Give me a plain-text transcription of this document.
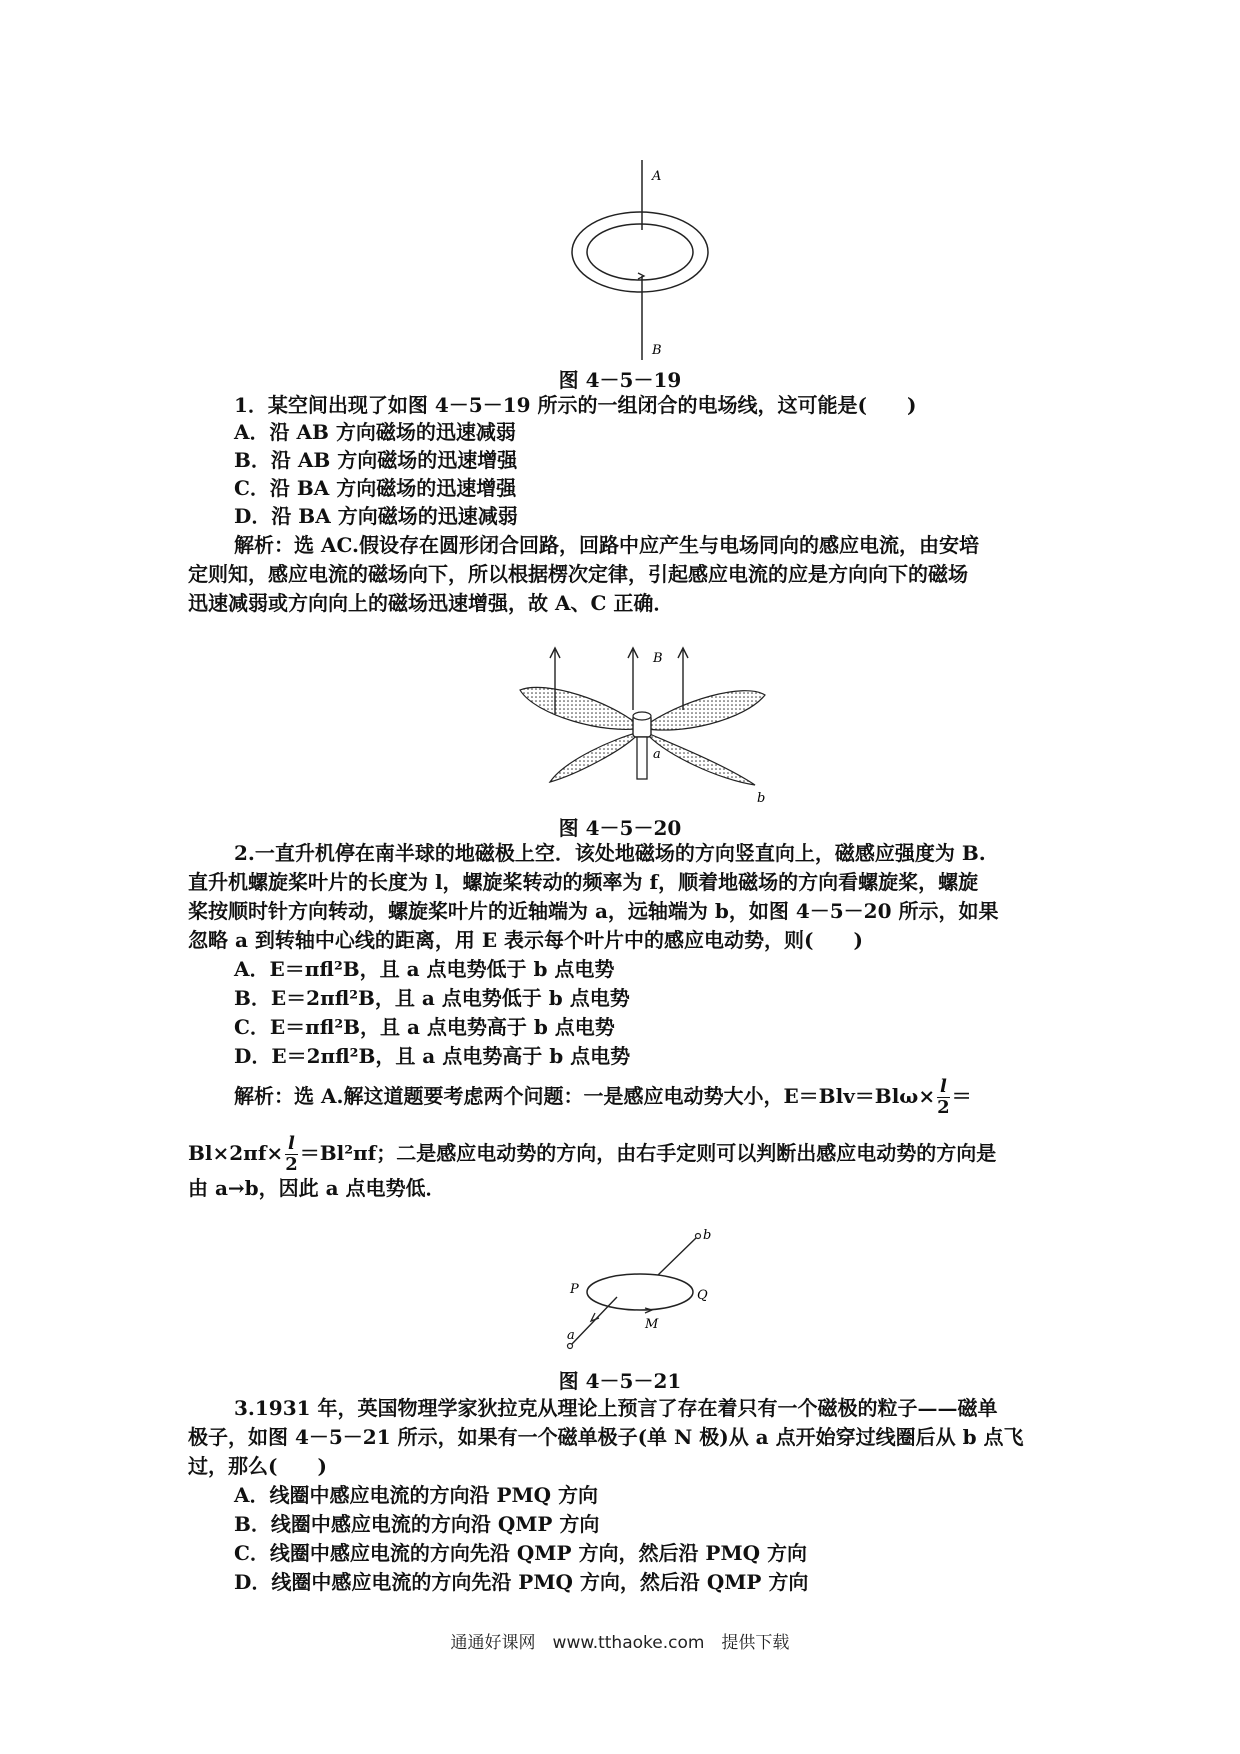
A
B
图 4－5－19
1．某空间出现了如图 4－5－19 所示的一组闭合的电场线，这可能是(　　)
A．沿 AB 方向磁场的迅速减弱
B．沿 AB 方向磁场的迅速增强
C．沿 BA 方向磁场的迅速增强
D．沿 BA 方向磁场的迅速减弱
解析：选 AC.假设存在圆形闭合回路，回路中应产生与电场同向的感应电流，由安培
定则知，感应电流的磁场向下，所以根据楞次定律，引起感应电流的应是方向向下的磁场
迅速减弱或方向向上的磁场迅速增强，故 A、C 正确．
B
a
b
图 4－5－20
2.一直升机停在南半球的地磁极上空．该处地磁场的方向竖直向上，磁感应强度为 B.
直升机螺旋桨叶片的长度为 l，螺旋桨转动的频率为 f，顺着地磁场的方向看螺旋桨，螺旋
桨按顺时针方向转动，螺旋桨叶片的近轴端为 a，远轴端为 b，如图 4－5－20 所示，如果
忽略 a 到转轴中心线的距离，用 E 表示每个叶片中的感应电动势，则(　　)
A．E＝πfl²B，且 a 点电势低于 b 点电势
B．E＝2πfl²B，且 a 点电势低于 b 点电势
C．E＝πfl²B，且 a 点电势高于 b 点电势
D．E＝2πfl²B，且 a 点电势高于 b 点电势
解析：选 A.解这道题要考虑两个问题：一是感应电动势大小，$E=Blv=Bl\omega\times \frac{l}{2}$ ＝
$Bl\times 2\pi f\times \frac{l}{2} =Bl^2\pi f$；二是感应电动势的方向，由右手定则可以判断出感应电动势的方向是
由 a→b，因此 a 点电势低．
P	Q
M
a
b
图 4－5－21
3.1931 年，英国物理学家狄拉克从理论上预言了存在着只有一个磁极的粒子——磁单
极子，如图 4－5－21 所示，如果有一个磁单极子(单 N 极)从 a 点开始穿过线圈后从 b 点飞
过，那么(　　)
A．线圈中感应电流的方向沿 PMQ 方向
B．线圈中感应电流的方向沿 QMP 方向
C．线圈中感应电流的方向先沿 QMP 方向，然后沿 PMQ 方向
D．线圈中感应电流的方向先沿 PMQ 方向，然后沿 QMP 方向
通通好课网　www.tthaoke.com　提供下载
